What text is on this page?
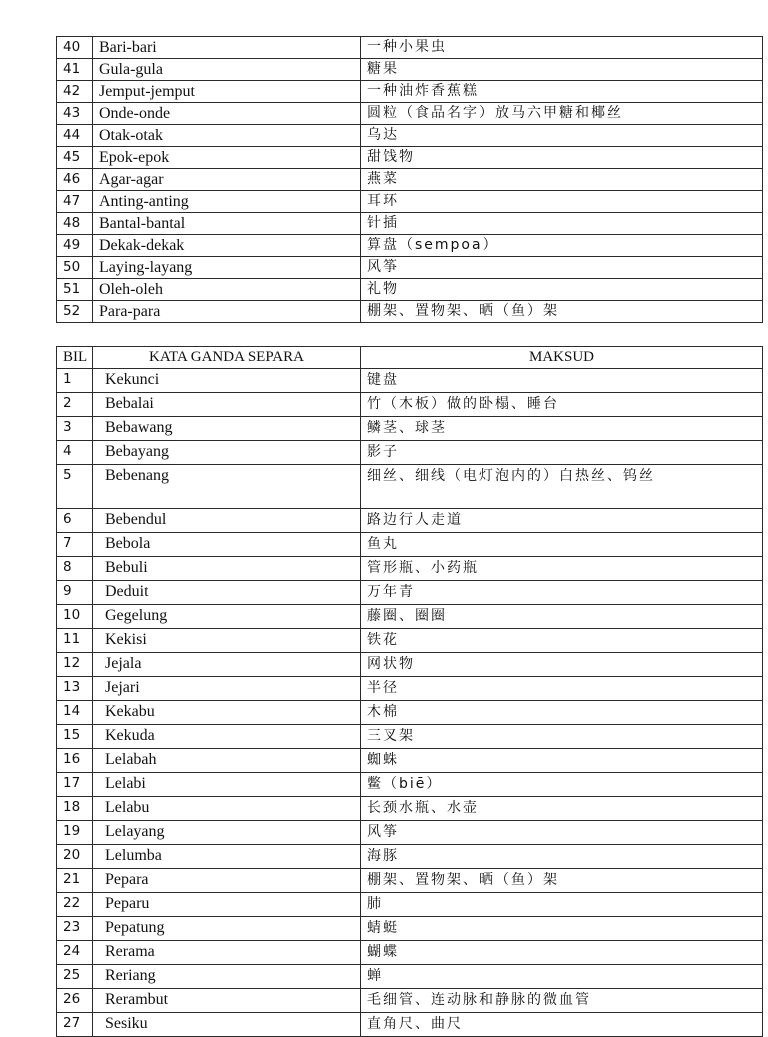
40	Bari-bari	一种小果虫
41	Gula-gula	糖果
42	Jemput-jemput	一种油炸香蕉糕
43	Onde-onde	圆粒（食品名字）放马六甲糖和椰丝
44	Otak-otak	乌达
45	Epok-epok	甜饯物
46	Agar-agar	燕菜
47	Anting-anting	耳环
48	Bantal-bantal	针插
49	Dekak-dekak	算盘（sempoa）
50	Laying-layang	风筝
51	Oleh-oleh	礼物
52	Para-para	棚架、置物架、晒（鱼）架
BIL	KATA GANDA SEPARA	MAKSUD
1	Kekunci	键盘
2	Bebalai	竹（木板）做的卧榻、睡台
3	Bebawang	鳞茎、球茎
4	Bebayang	影子
5	Bebenang	细丝、细线（电灯泡内的）白热丝、钨丝
6	Bebendul	路边行人走道
7	Bebola	鱼丸
8	Bebuli	管形瓶、小药瓶
9	Deduit	万年青
10	Gegelung	藤圈、圈圈
11	Kekisi	铁花
12	Jejala	网状物
13	Jejari	半径
14	Kekabu	木棉
15	Kekuda	三叉架
16	Lelabah	蜘蛛
17	Lelabi	鳖（biē）
18	Lelabu	长颈水瓶、水壶
19	Lelayang	风筝
20	Lelumba	海豚
21	Pepara	棚架、置物架、晒（鱼）架
22	Peparu	肺
23	Pepatung	蜻蜓
24	Rerama	蝴蝶
25	Reriang	蝉
26	Rerambut	毛细管、连动脉和静脉的微血管
27	Sesiku	直角尺、曲尺
